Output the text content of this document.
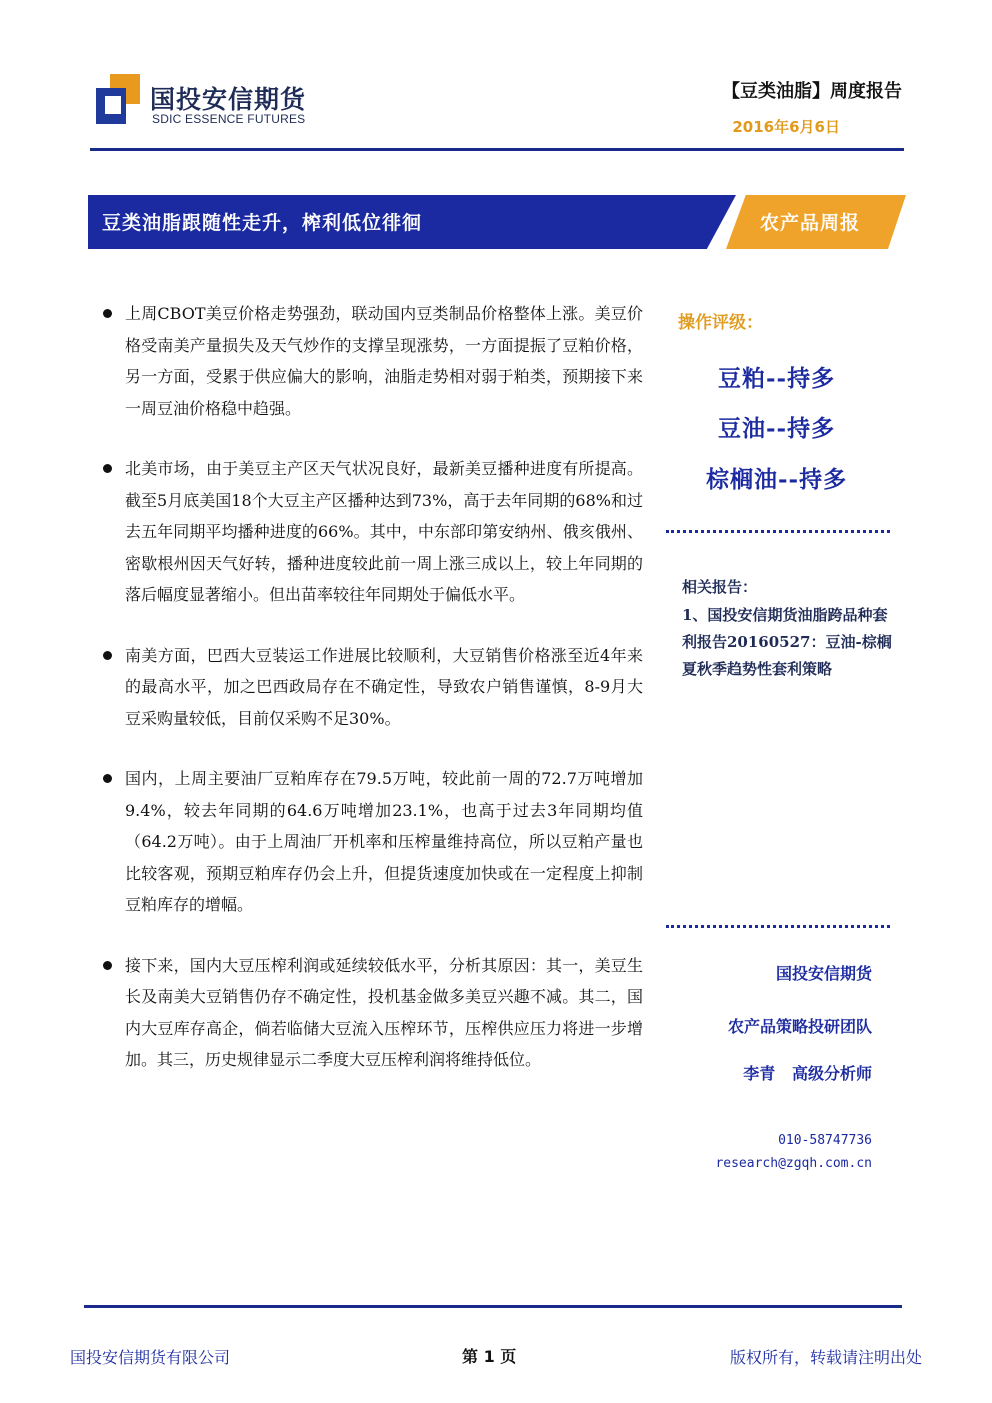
国投安信期货
SDIC ESSENCE FUTURES
【豆类油脂】周度报告
2016年6月6日
豆类油脂跟随性走升，榨利低位徘徊	农产品周报
上周CBOT美豆价格走势强劲，联动国内豆类制品价格整体上涨。美豆价格受南美产量损失及天气炒作的支撑呈现涨势，一方面提振了豆粕价格，另一方面，受累于供应偏大的影响，油脂走势相对弱于粕类，预期接下来一周豆油价格稳中趋强。
北美市场，由于美豆主产区天气状况良好，最新美豆播种进度有所提高。截至5月底美国18个大豆主产区播种达到73%，高于去年同期的68%和过去五年同期平均播种进度的66%。其中，中东部印第安纳州、俄亥俄州、密歇根州因天气好转，播种进度较此前一周上涨三成以上，较上年同期的落后幅度显著缩小。但出苗率较往年同期处于偏低水平。
南美方面，巴西大豆装运工作进展比较顺利，大豆销售价格涨至近4年来的最高水平，加之巴西政局存在不确定性，导致农户销售谨慎，8-9月大豆采购量较低，目前仅采购不足30%。
国内，上周主要油厂豆粕库存在79.5万吨，较此前一周的72.7万吨增加9.4%，较去年同期的64.6万吨增加23.1%，也高于过去3年同期均值（64.2万吨）。由于上周油厂开机率和压榨量维持高位，所以豆粕产量也比较客观，预期豆粕库存仍会上升，但提货速度加快或在一定程度上抑制豆粕库存的增幅。
接下来，国内大豆压榨利润或延续较低水平，分析其原因：其一，美豆生长及南美大豆销售仍存不确定性，投机基金做多美豆兴趣不减。其二，国内大豆库存高企，倘若临储大豆流入压榨环节，压榨供应压力将进一步增加。其三，历史规律显示二季度大豆压榨利润将维持低位。
操作评级：
豆粕--持多
豆油--持多
棕榈油--持多
相关报告：
1、国投安信期货油脂跨品种套利报告20160527：豆油-棕榈夏秋季趋势性套利策略
国投安信期货
农产品策略投研团队
李青   高级分析师
010-58747736
research@zgqh.com.cn
国投安信期货有限公司	第 1 页	版权所有，转载请注明出处
